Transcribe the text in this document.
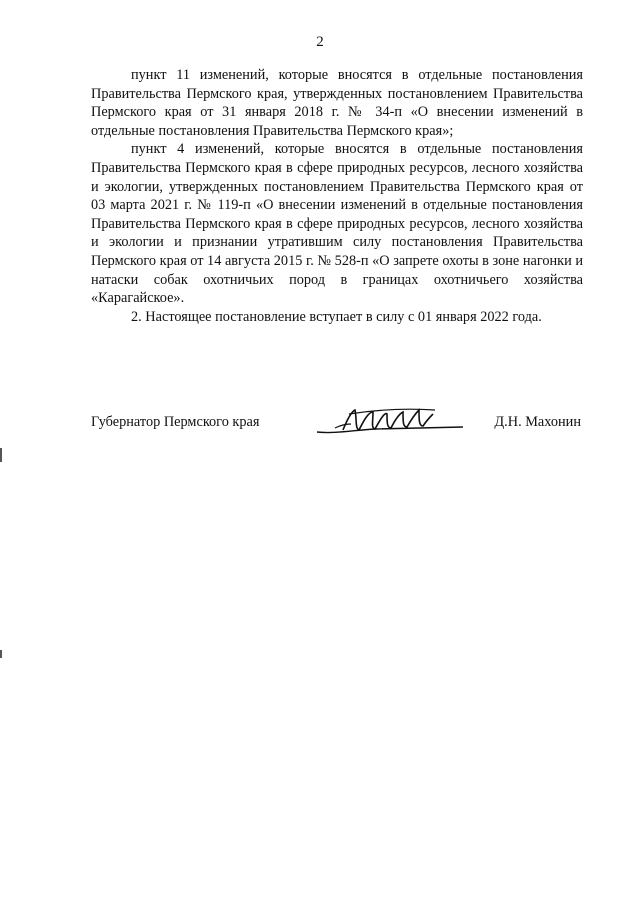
2

пункт 11 изменений, которые вносятся в отдельные постановления Правительства Пермского края, утвержденных постановлением Правительства Пермского края от 31 января 2018 г. № 34-п «О внесении изменений в отдельные постановления Правительства Пермского края»;

пункт 4 изменений, которые вносятся в отдельные постановления Правительства Пермского края в сфере природных ресурсов, лесного хозяйства и экологии, утвержденных постановлением Правительства Пермского края от 03 марта 2021 г. № 119-п «О внесении изменений в отдельные постановления Правительства Пермского края в сфере природных ресурсов, лесного хозяйства и экологии и признании утратившим силу постановления Правительства Пермского края от 14 августа 2015 г. № 528-п «О запрете охоты в зоне нагонки и натаски собак охотничьих пород в границах охотничьего хозяйства «Карагайское».

2. Настоящее постановление вступает в силу с 01 января 2022 года.

Губернатор Пермского края	Д.Н. Махонин
